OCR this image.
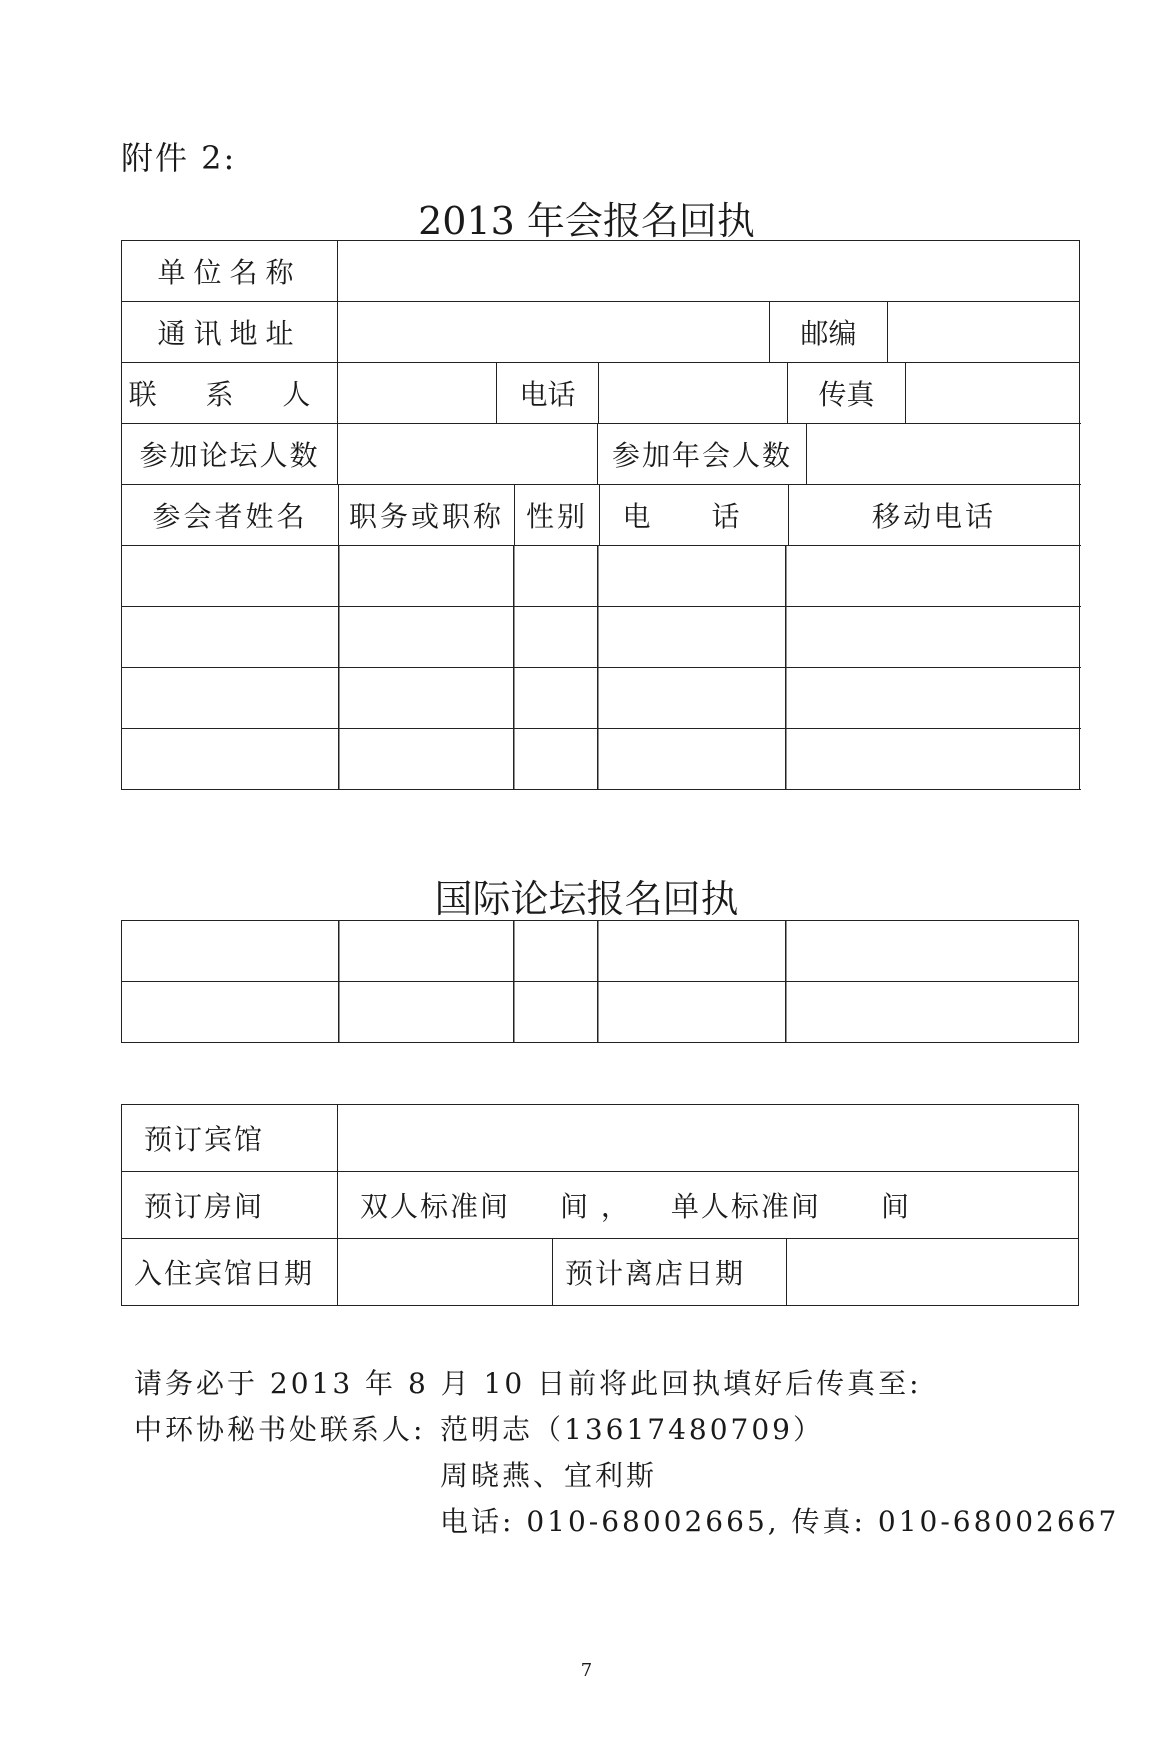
附件 2:
2013 年会报名回执
单位名称		
通讯地址		邮编

联 系 人	电话 传真	

参加论坛人数	参加年会人数	

参会者姓名 职务或职称 性别 电 话 移动电话		

国际论坛报名回执

预订宾馆

预订房间	双人标准间 间 ， 单人标准间 间

入住宾馆日期	预计离店日期
请务必于 2013 年 8 月 10 日前将此回执填好后传真至:
中环协秘书处联系人: 范明志（13617480709）
周晓燕、宜利斯
电话: 010-68002665, 传真: 010-68002667
7
